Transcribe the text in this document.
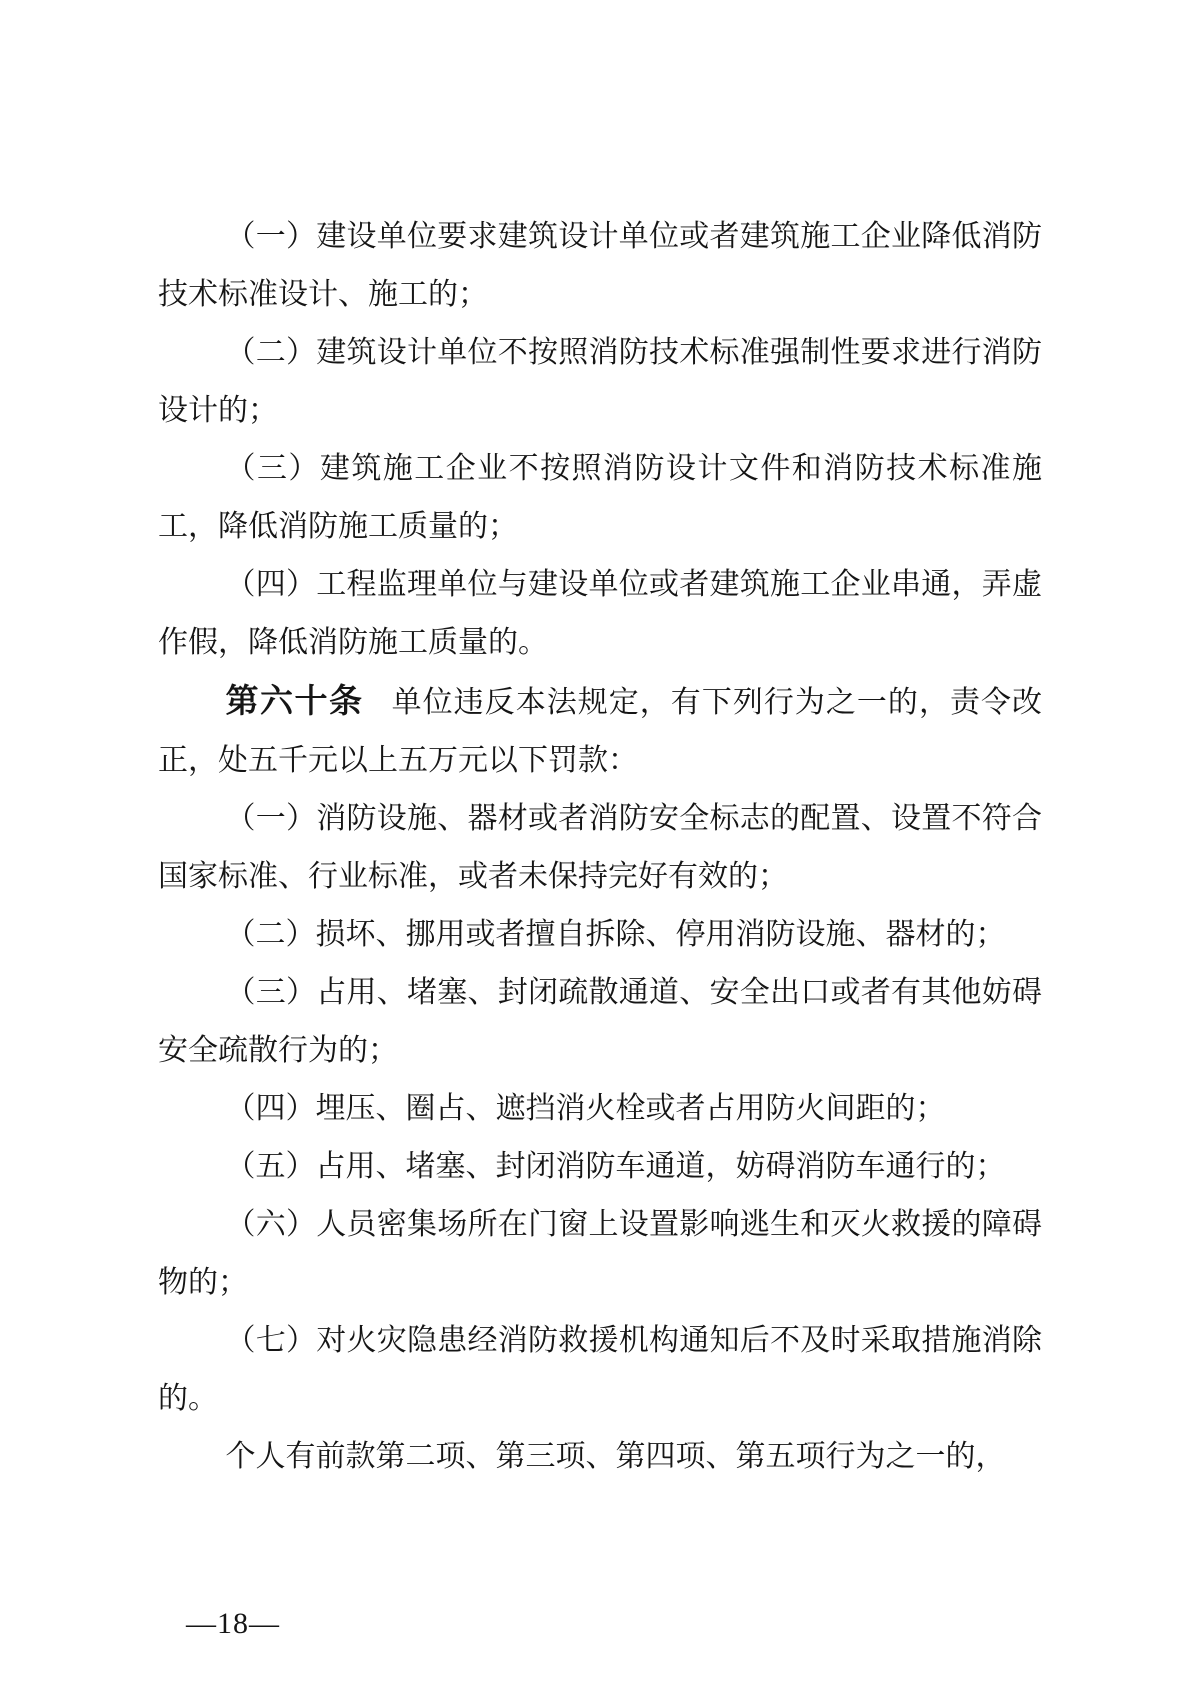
（一）建设单位要求建筑设计单位或者建筑施工企业降低消防技术标准设计、施工的；

（二）建筑设计单位不按照消防技术标准强制性要求进行消防设计的；

（三）建筑施工企业不按照消防设计文件和消防技术标准施工，降低消防施工质量的；

（四）工程监理单位与建设单位或者建筑施工企业串通，弄虚作假，降低消防施工质量的。

第六十条 单位违反本法规定，有下列行为之一的，责令改正，处五千元以上五万元以下罚款：

（一）消防设施、器材或者消防安全标志的配置、设置不符合国家标准、行业标准，或者未保持完好有效的；

（二）损坏、挪用或者擅自拆除、停用消防设施、器材的；

（三）占用、堵塞、封闭疏散通道、安全出口或者有其他妨碍安全疏散行为的；

（四）埋压、圈占、遮挡消火栓或者占用防火间距的；

（五）占用、堵塞、封闭消防车通道，妨碍消防车通行的；

（六）人员密集场所在门窗上设置影响逃生和灭火救援的障碍物的；

（七）对火灾隐患经消防救援机构通知后不及时采取措施消除的。

个人有前款第二项、第三项、第四项、第五项行为之一的，

—18—
